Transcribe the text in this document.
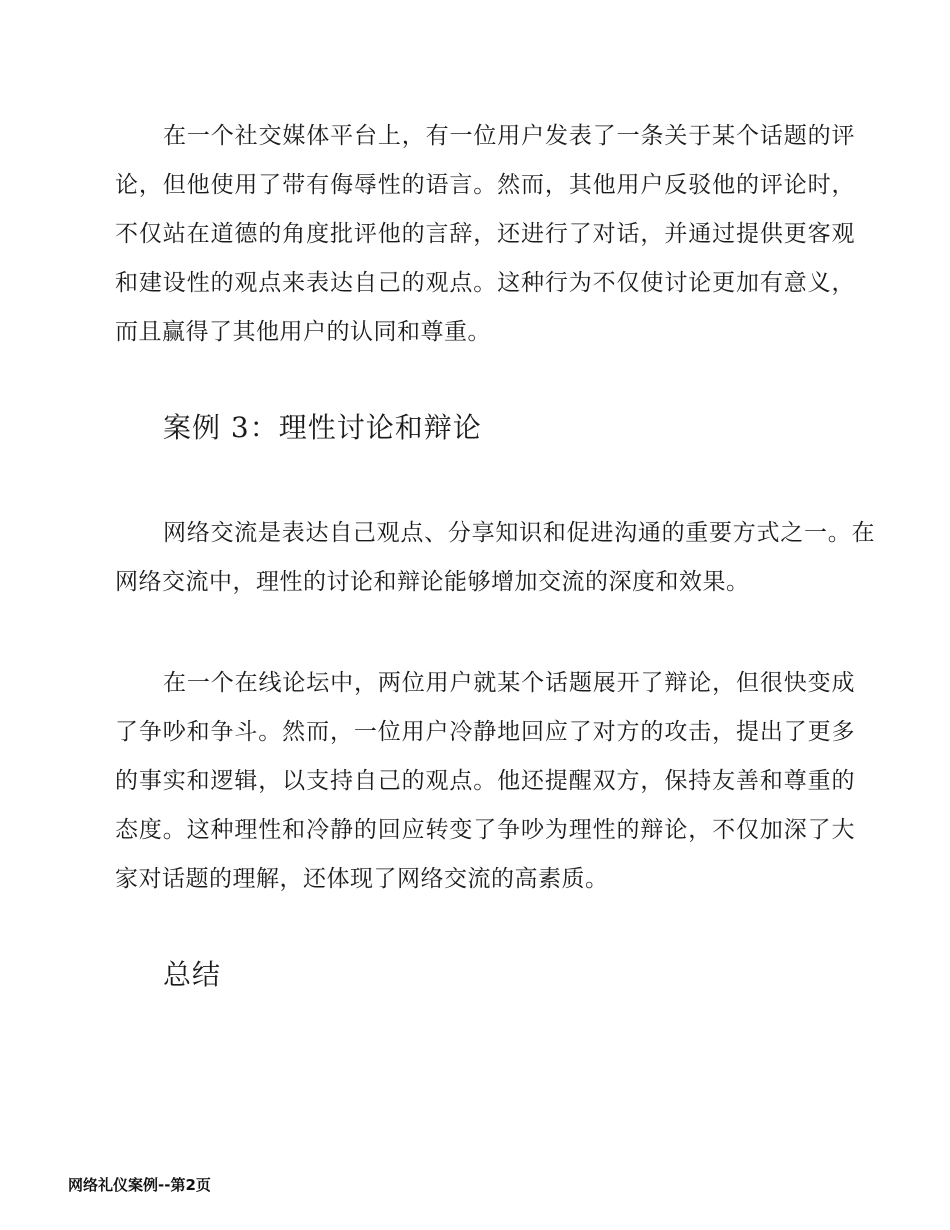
在一个社交媒体平台上，有一位用户发表了一条关于某个话题的评论，但他使用了带有侮辱性的语言。然而，其他用户反驳他的评论时，不仅站在道德的角度批评他的言辞，还进行了对话，并通过提供更客观和建设性的观点来表达自己的观点。这种行为不仅使讨论更加有意义，而且赢得了其他用户的认同和尊重。

案例 3：理性讨论和辩论

网络交流是表达自己观点、分享知识和促进沟通的重要方式之一。在网络交流中，理性的讨论和辩论能够增加交流的深度和效果。

在一个在线论坛中，两位用户就某个话题展开了辩论，但很快变成了争吵和争斗。然而，一位用户冷静地回应了对方的攻击，提出了更多的事实和逻辑，以支持自己的观点。他还提醒双方，保持友善和尊重的态度。这种理性和冷静的回应转变了争吵为理性的辩论，不仅加深了大家对话题的理解，还体现了网络交流的高素质。

总结
网络礼仪案例--第2页
